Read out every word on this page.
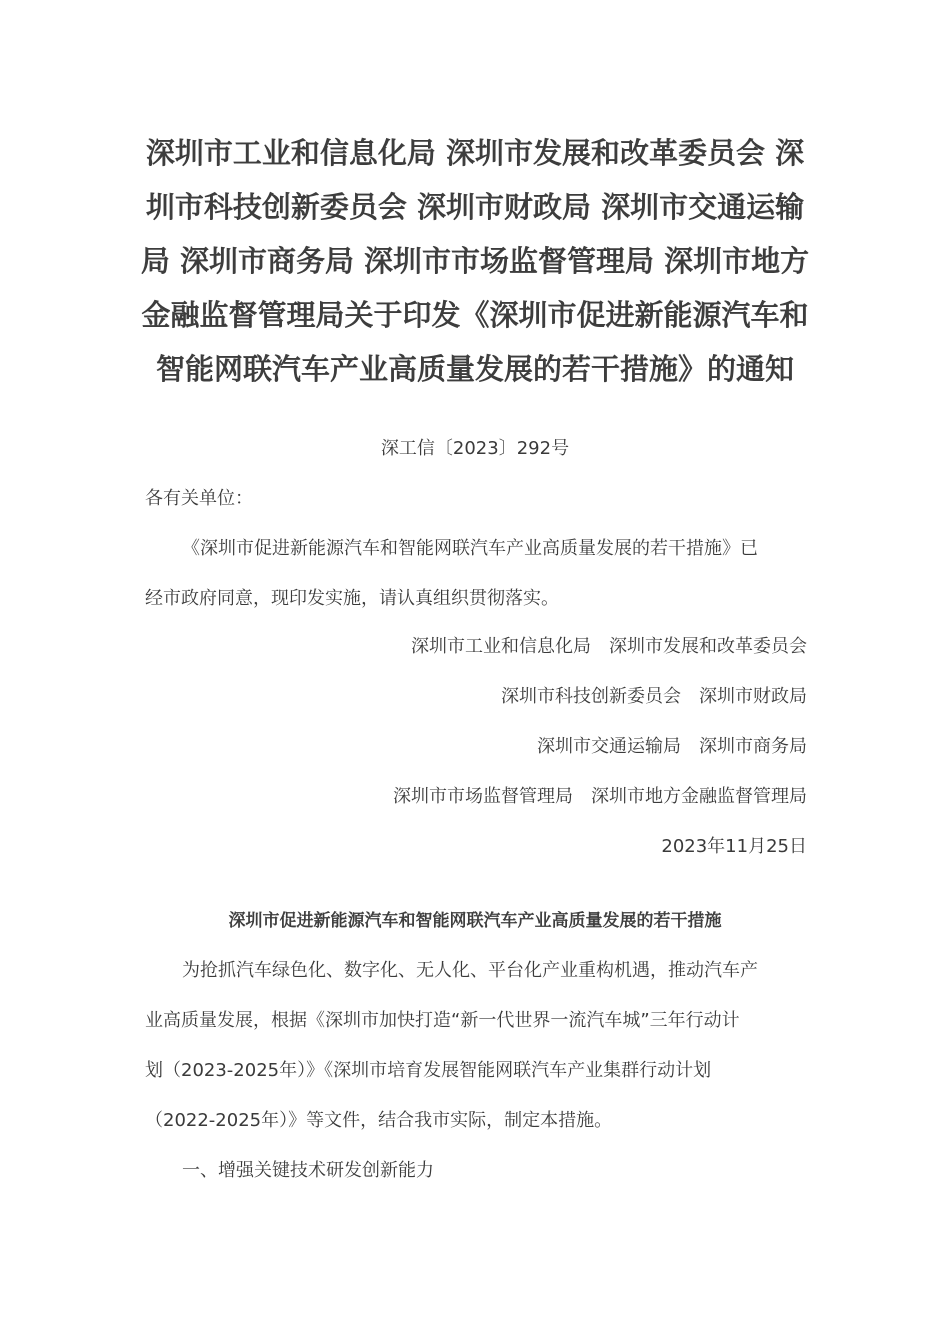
深圳市工业和信息化局 深圳市发展和改革委员会 深
圳市科技创新委员会 深圳市财政局 深圳市交通运输
局 深圳市商务局 深圳市市场监督管理局 深圳市地方
金融监督管理局关于印发《深圳市促进新能源汽车和
智能网联汽车产业高质量发展的若干措施》的通知
深工信〔2023〕292号
各有关单位：
《深圳市促进新能源汽车和智能网联汽车产业高质量发展的若干措施》已
经市政府同意，现印发实施，请认真组织贯彻落实。
深圳市工业和信息化局　深圳市发展和改革委员会
深圳市科技创新委员会　深圳市财政局
深圳市交通运输局　深圳市商务局
深圳市市场监督管理局　深圳市地方金融监督管理局
2023年11月25日
深圳市促进新能源汽车和智能网联汽车产业高质量发展的若干措施
为抢抓汽车绿色化、数字化、无人化、平台化产业重构机遇，推动汽车产
业高质量发展，根据《深圳市加快打造“新一代世界一流汽车城”三年行动计
划（2023-2025年）》《深圳市培育发展智能网联汽车产业集群行动计划
（2022-2025年）》等文件，结合我市实际，制定本措施。
一、增强关键技术研发创新能力
